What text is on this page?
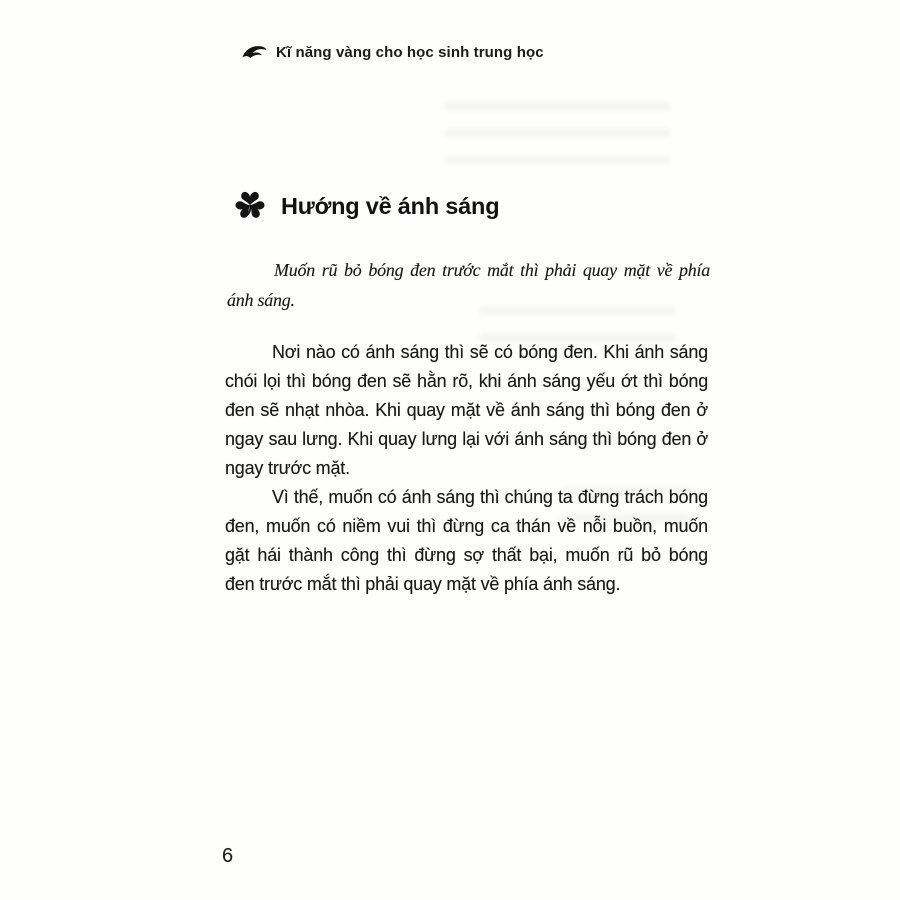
Kĩ năng vàng cho học sinh trung học
Hướng về ánh sáng
Muốn rũ bỏ bóng đen trước mắt thì phải quay mặt về phía
ánh sáng.
Nơi nào có ánh sáng thì sẽ có bóng đen. Khi ánh sáng
chói lọi thì bóng đen sẽ hằn rõ, khi ánh sáng yếu ớt thì bóng
đen sẽ nhạt nhòa. Khi quay mặt về ánh sáng thì bóng đen ở
ngay sau lưng. Khi quay lưng lại với ánh sáng thì bóng đen ở
ngay trước mặt.
Vì thế, muốn có ánh sáng thì chúng ta đừng trách bóng
đen, muốn có niềm vui thì đừng ca thán về nỗi buồn, muốn
gặt hái thành công thì đừng sợ thất bại, muốn rũ bỏ bóng
đen trước mắt thì phải quay mặt về phía ánh sáng.
6
